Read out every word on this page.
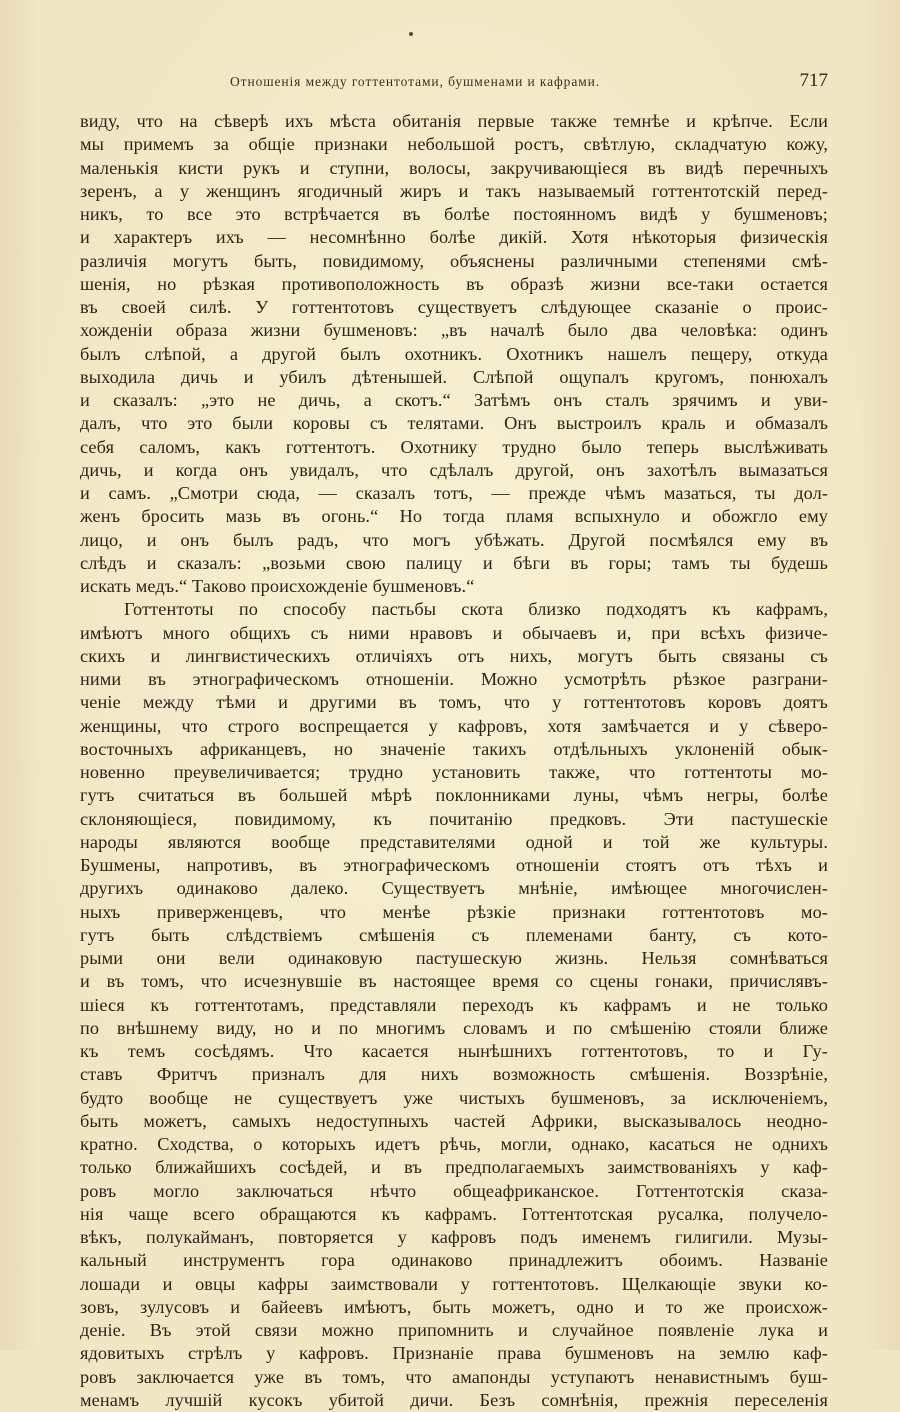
Отношенія между готтентотами, бушменами и кафрами.	717
виду, что на сѣверѣ ихъ мѣста обитанія первые также темнѣе и крѣпче. Если
мы примемъ за общіе признаки небольшой ростъ, свѣтлую, складчатую кожу,
маленькія кисти рукъ и ступни, волосы, закручивающіеся въ видѣ перечныхъ
зеренъ, а у женщинъ ягодичный жиръ и такъ называемый готтентотскій перед-
никъ, то все это встрѣчается въ болѣе постоянномъ видѣ у бушменовъ;
и характеръ ихъ — несомнѣнно болѣе дикій. Хотя нѣкоторыя физическія
различія могутъ быть, повидимому, объяснены различными степенями смѣ-
шенія, но рѣзкая противоположность въ образѣ жизни все-таки остается
въ своей силѣ. У готтентотовъ существуетъ слѣдующее сказаніе о проис-
хожденіи образа жизни бушменовъ: „въ началѣ было два человѣка: одинъ
былъ слѣпой, а другой былъ охотникъ. Охотникъ нашелъ пещеру, откуда
выходила дичь и убилъ дѣтенышей. Слѣпой ощупалъ кругомъ, понюхалъ
и сказалъ: „это не дичь, а скотъ.“ Затѣмъ онъ сталъ зрячимъ и уви-
далъ, что это были коровы съ телятами. Онъ выстроилъ краль и обмазалъ
себя саломъ, какъ готтентотъ. Охотнику трудно было теперь выслѣживать
дичь, и когда онъ увидалъ, что сдѣлалъ другой, онъ захотѣлъ вымазаться
и самъ. „Смотри сюда, — сказалъ тотъ, — прежде чѣмъ мазаться, ты дол-
женъ бросить мазь въ огонь.“ Но тогда пламя вспыхнуло и обожгло ему
лицо, и онъ былъ радъ, что могъ убѣжать. Другой посмѣялся ему въ
слѣдъ и сказалъ: „возьми свою палицу и бѣги въ горы; тамъ ты будешь
искать медъ.“ Таково происхожденіе бушменовъ.“
Готтентоты по способу пастьбы скота близко подходятъ къ кафрамъ,
имѣютъ много общихъ съ ними нравовъ и обычаевъ и, при всѣхъ физиче-
скихъ и лингвистическихъ отличіяхъ отъ нихъ, могутъ быть связаны съ
ними въ этнографическомъ отношеніи. Можно усмотрѣть рѣзкое разграни-
ченіе между тѣми и другими въ томъ, что у готтентотовъ коровъ доятъ
женщины, что строго воспрещается у кафровъ, хотя замѣчается и у сѣверо-
восточныхъ африканцевъ, но значеніе такихъ отдѣльныхъ уклоненій обык-
новенно преувеличивается; трудно установить также, что готтентоты мо-
гутъ считаться въ большей мѣрѣ поклонниками луны, чѣмъ негры, болѣе
склоняющіеся, повидимому, къ почитанію предковъ. Эти пастушескіе
народы являются вообще представителями одной и той же культуры.
Бушмены, напротивъ, въ этнографическомъ отношеніи стоятъ отъ тѣхъ и
другихъ одинаково далеко. Существуетъ мнѣніе, имѣющее многочислен-
ныхъ приверженцевъ, что менѣе рѣзкіе признаки готтентотовъ мо-
гутъ быть слѣдствіемъ смѣшенія съ племенами банту, съ кото-
рыми они вели одинаковую пастушескую жизнь. Нельзя сомнѣваться
и въ томъ, что исчезнувшіе въ настоящее время со сцены гонаки, причислявъ-
шіеся къ готтентотамъ, представляли переходъ къ кафрамъ и не только
по внѣшнему виду, но и по многимъ словамъ и по смѣшенію стояли ближе
къ темъ сосѣдямъ. Что касается нынѣшнихъ готтентотовъ, то и Гу-
ставъ Фритчъ призналъ для нихъ возможность смѣшенія. Воззрѣніе,
будто вообще не существуетъ уже чистыхъ бушменовъ, за исключеніемъ,
быть можетъ, самыхъ недоступныхъ частей Африки, высказывалось неодно-
кратно. Сходства, о которыхъ идетъ рѣчь, могли, однако, касаться не однихъ
только ближайшихъ сосѣдей, и въ предполагаемыхъ заимствованіяхъ у каф-
ровъ могло заключаться нѣчто общеафриканское. Готтентотскія сказа-
нія чаще всего обращаются къ кафрамъ. Готтентотская русалка, получело-
вѣкъ, полукайманъ, повторяется у кафровъ подъ именемъ гилигили. Музы-
кальный инструментъ гора одинаково принадлежитъ обоимъ. Названіе
лошади и овцы кафры заимствовали у готтентотовъ. Щелкающіе звуки ко-
зовъ, зулусовъ и байеевъ имѣютъ, быть можетъ, одно и то же происхож-
деніе. Въ этой связи можно припомнить и случайное появленіе лука и
ядовитыхъ стрѣлъ у кафровъ. Признаніе права бушменовъ на землю каф-
ровъ заключается уже въ томъ, что амапонды уступаютъ ненавистнымъ буш-
менамъ лучшій кусокъ убитой дичи. Безъ сомнѣнія, прежнія переселенія
